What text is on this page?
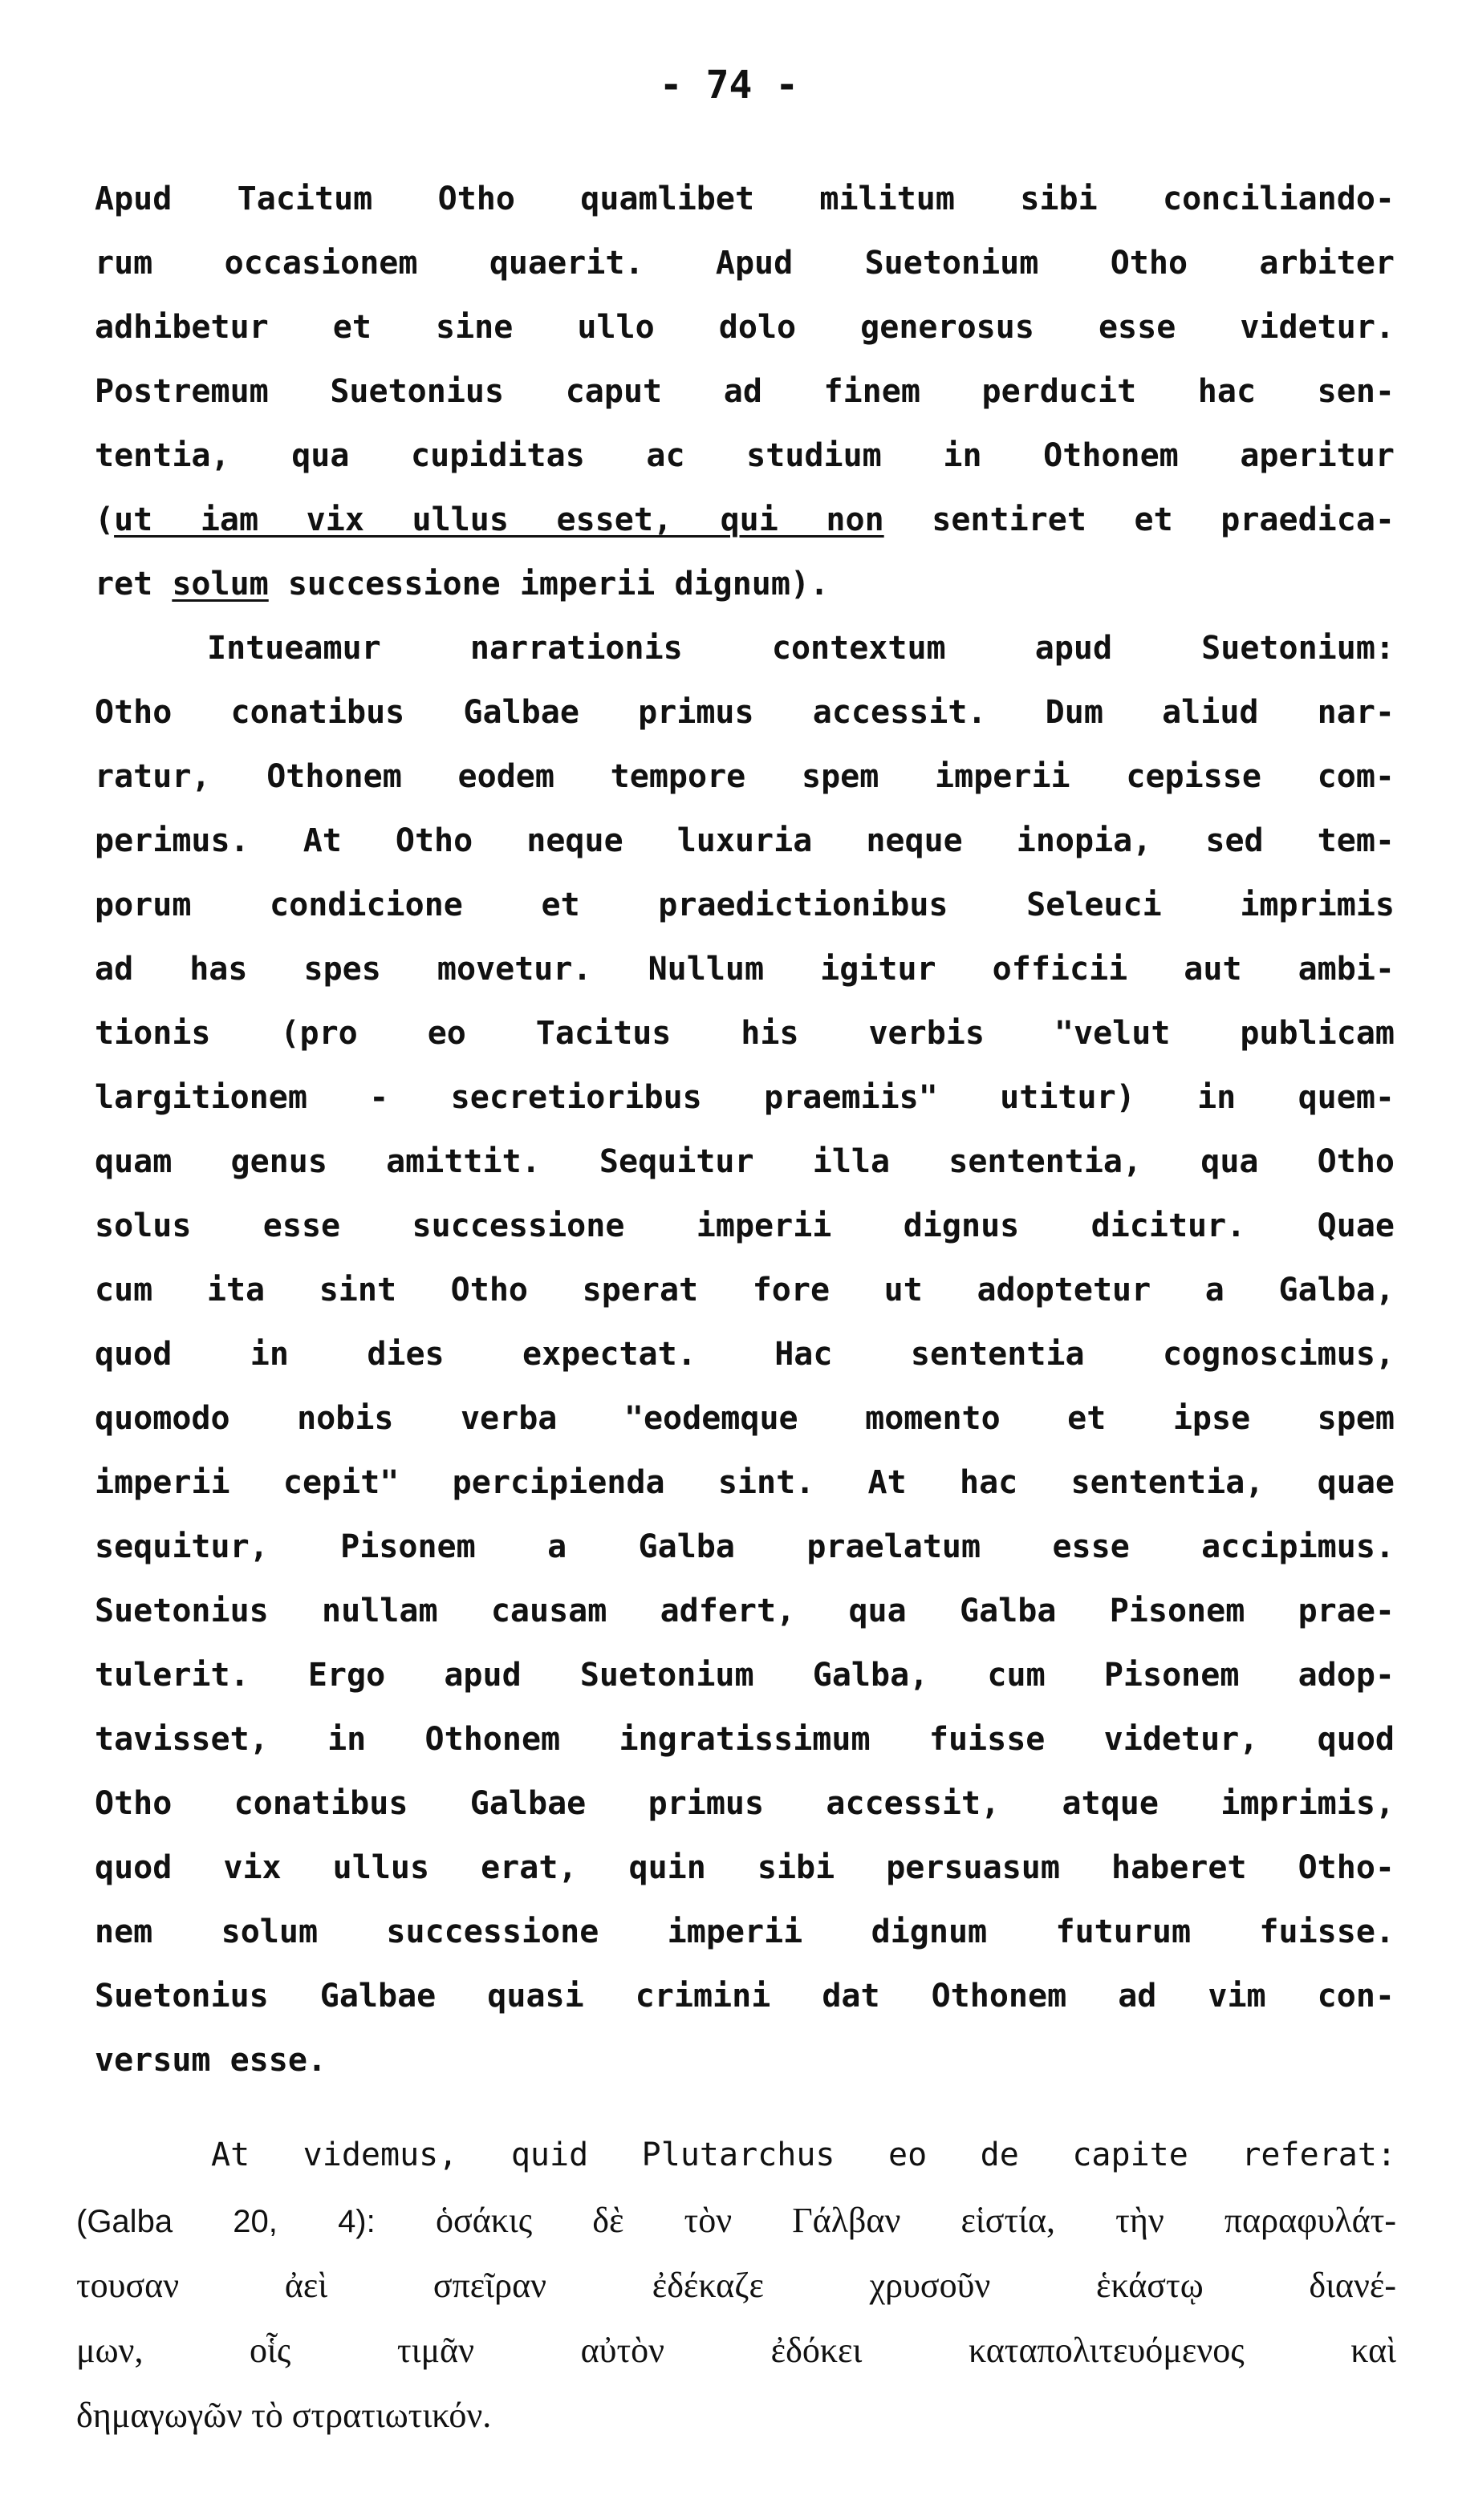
- 74 -
Apud Tacitum Otho quamlibet militum sibi conciliando-
rum occasionem quaerit. Apud Suetonium Otho arbiter
adhibetur et sine ullo dolo generosus esse videtur.
Postremum Suetonius caput ad finem perducit hac sen-
tentia, qua cupiditas ac studium in Othonem aperitur
(ut iam vix ullus esset, qui non sentiret et praedica-
ret solum successione imperii dignum).
Intueamur narrationis contextum apud Suetonium:
Otho conatibus Galbae primus accessit. Dum aliud nar-
ratur, Othonem eodem tempore spem imperii cepisse com-
perimus. At Otho neque luxuria neque inopia, sed tem-
porum condicione et praedictionibus Seleuci imprimis
ad has spes movetur. Nullum igitur officii aut ambi-
tionis (pro eo Tacitus his verbis "velut publicam
largitionem - secretioribus praemiis" utitur) in quem-
quam genus amittit. Sequitur illa sententia, qua Otho
solus esse successione imperii dignus dicitur. Quae
cum ita sint Otho sperat fore ut adoptetur a Galba,
quod in dies expectat. Hac sententia cognoscimus,
quomodo nobis verba "eodemque momento et ipse spem
imperii cepit" percipienda sint. At hac sententia, quae
sequitur, Pisonem a Galba praelatum esse accipimus.
Suetonius nullam causam adfert, qua Galba Pisonem prae-
tulerit. Ergo apud Suetonium Galba, cum Pisonem adop-
tavisset, in Othonem ingratissimum fuisse videtur, quod
Otho conatibus Galbae primus accessit, atque imprimis,
quod vix ullus erat, quin sibi persuasum haberet Otho-
nem solum successione imperii dignum futurum fuisse.
Suetonius Galbae quasi crimini dat Othonem ad vim con-
versum esse.
At videmus, quid Plutarchus eo de capite referat:
(Galba 20, 4): ὁσάκις δὲ τὸν Γάλβαν εἱστία, τὴν παραφυλάτ-
τουσαν ἀεὶ σπεῖραν ἐδέκαζε χρυσοῦν ἑκάστῳ διανέ-
μων, οἷς τιμᾶν αὐτὸν ἐδόκει καταπολιτευόμενος καὶ
δημαγωγῶν τὸ στρατιωτικόν.
